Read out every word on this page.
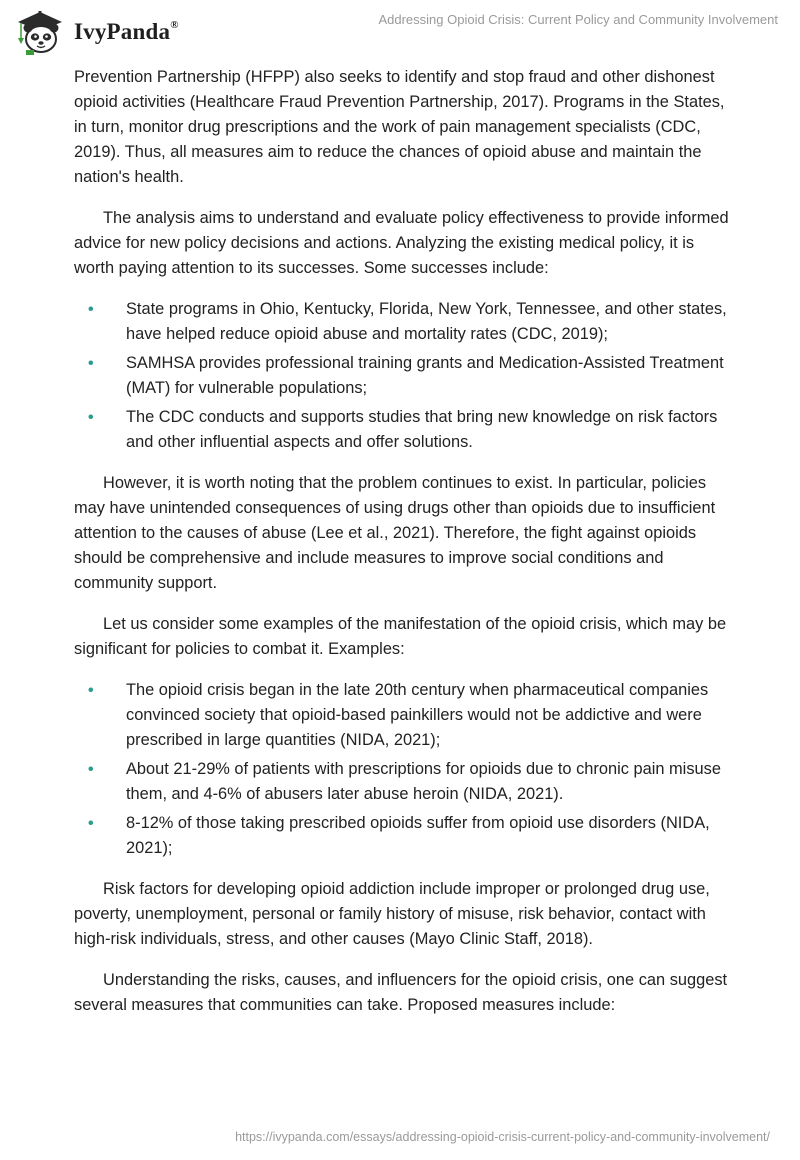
IvyPanda®	Addressing Opioid Crisis: Current Policy and Community Involvement

Prevention Partnership (HFPP) also seeks to identify and stop fraud and other dishonest opioid activities (Healthcare Fraud Prevention Partnership, 2017). Programs in the States, in turn, monitor drug prescriptions and the work of pain management specialists (CDC, 2019). Thus, all measures aim to reduce the chances of opioid abuse and maintain the nation's health.

The analysis aims to understand and evaluate policy effectiveness to provide informed advice for new policy decisions and actions. Analyzing the existing medical policy, it is worth paying attention to its successes. Some successes include:

• State programs in Ohio, Kentucky, Florida, New York, Tennessee, and other states, have helped reduce opioid abuse and mortality rates (CDC, 2019);
• SAMHSA provides professional training grants and Medication-Assisted Treatment (MAT) for vulnerable populations;
• The CDC conducts and supports studies that bring new knowledge on risk factors and other influential aspects and offer solutions.

However, it is worth noting that the problem continues to exist. In particular, policies may have unintended consequences of using drugs other than opioids due to insufficient attention to the causes of abuse (Lee et al., 2021). Therefore, the fight against opioids should be comprehensive and include measures to improve social conditions and community support.

Let us consider some examples of the manifestation of the opioid crisis, which may be significant for policies to combat it. Examples:

• The opioid crisis began in the late 20th century when pharmaceutical companies convinced society that opioid-based painkillers would not be addictive and were prescribed in large quantities (NIDA, 2021);
• About 21-29% of patients with prescriptions for opioids due to chronic pain misuse them, and 4-6% of abusers later abuse heroin (NIDA, 2021).
• 8-12% of those taking prescribed opioids suffer from opioid use disorders (NIDA, 2021);

Risk factors for developing opioid addiction include improper or prolonged drug use, poverty, unemployment, personal or family history of misuse, risk behavior, contact with high-risk individuals, stress, and other causes (Mayo Clinic Staff, 2018).

Understanding the risks, causes, and influencers for the opioid crisis, one can suggest several measures that communities can take. Proposed measures include:

https://ivypanda.com/essays/addressing-opioid-crisis-current-policy-and-community-involvement/
